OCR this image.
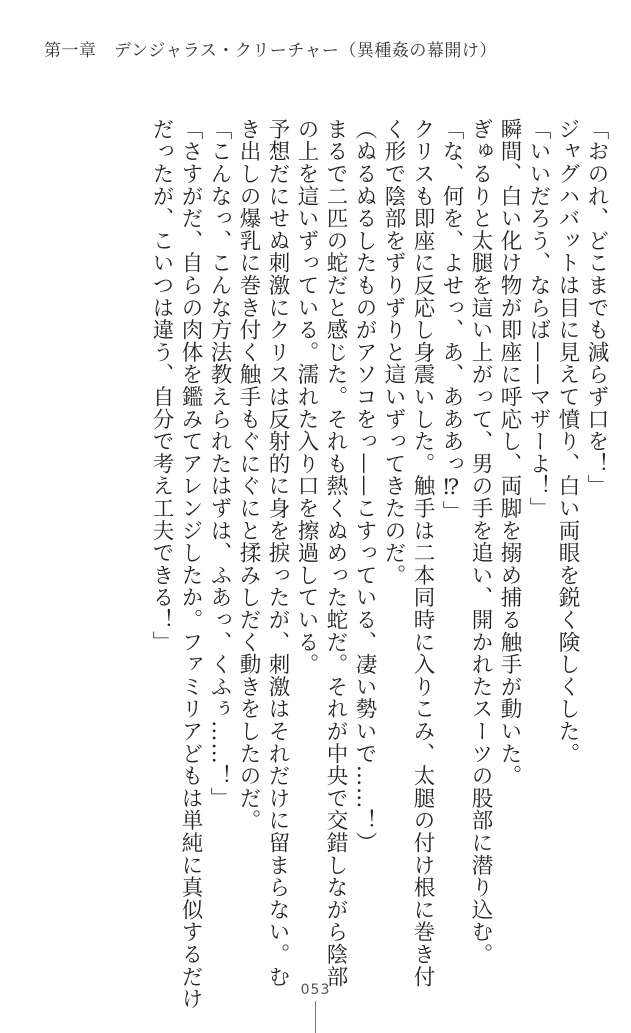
第一章　デンジャラス・クリーチャー（異種姦の幕開け）

「おのれ、どこまでも減らず口を！」

ジャグハバットは目に見えて憤り、白い両眼を鋭く険しくした。

「いいだろう、ならば——マザーよ！」

瞬間、白い化け物が即座に呼応し、両脚を搦め捕る触手が動いた。

ぎゅるりと太腿を這い上がって、男の手を追い、開かれたスーツの股部に潜り込む。

「な、何を、よせっ、あ、あああっ⁉」

クリスも即座に反応し身震いした。触手は二本同時に入りこみ、太腿の付け根に巻き付

く形で陰部をずりずりと這いずってきたのだ。

（ぬるぬるしたものがアソコをっ——こすっている、凄い勢いで……！）

まるで二匹の蛇だと感じた。それも熱くぬめった蛇だ。それが中央で交錯しながら陰部

の上を這いずっている。濡れた入り口を擦過している。

予想だにせぬ刺激にクリスは反射的に身を捩ったが、刺激はそれだけに留まらない。む

き出しの爆乳に巻き付く触手もぐにぐにと揉みしだく動きをしたのだ。

「こんなっ、こんな方法教えられたはずは、ふあっ、くふぅ……！」

「さすがだ、自らの肉体を鑑みてアレンジしたか。ファミリアどもは単純に真似するだけ

だったが、こいつは違う、自分で考え工夫できる！」

053
